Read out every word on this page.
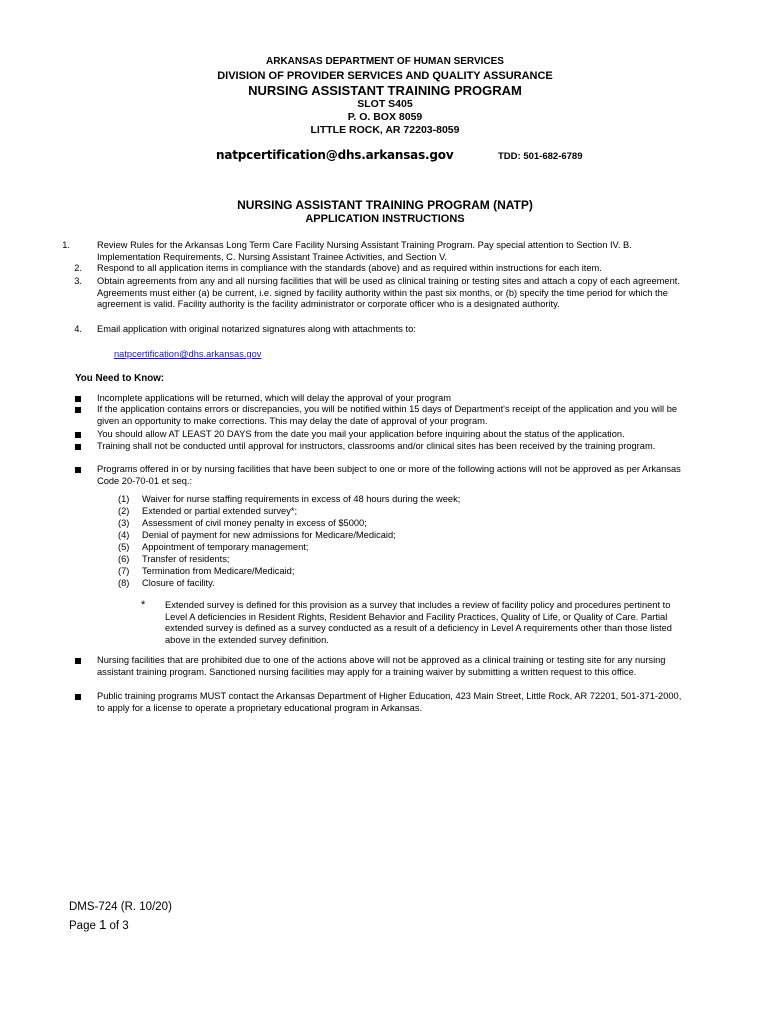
ARKANSAS DEPARTMENT OF HUMAN SERVICES
DIVISION OF PROVIDER SERVICES AND QUALITY ASSURANCE
NURSING ASSISTANT TRAINING PROGRAM
SLOT S405
P. O. BOX 8059
LITTLE ROCK, AR 72203-8059
natpcertification@dhs.arkansas.gov	TDD: 501-682-6789
NURSING ASSISTANT TRAINING PROGRAM (NATP)
APPLICATION INSTRUCTIONS
1.	Review Rules for the Arkansas Long Term Care Facility Nursing Assistant Training Program. Pay special attention to Section IV. B. Implementation Requirements, C. Nursing Assistant Trainee Activities, and Section V.
2. Respond to all application items in compliance with the standards (above) and as required within instructions for each item.
3. Obtain agreements from any and all nursing facilities that will be used as clinical training or testing sites and attach a copy of each agreement. Agreements must either (a) be current, i.e. signed by facility authority within the past six months, or (b) specify the time period for which the agreement is valid. Facility authority is the facility administrator or corporate officer who is a designated authority.
4. Email application with original notarized signatures along with attachments to:
natpcertification@dhs.arkansas.gov
You Need to Know:
Incomplete applications will be returned, which will delay the approval of your program
If the application contains errors or discrepancies, you will be notified within 15 days of Department's receipt of the application and you will be given an opportunity to make corrections. This may delay the date of approval of your program.
You should allow AT LEAST 20 DAYS from the date you mail your application before inquiring about the status of the application.
Training shall not be conducted until approval for instructors, classrooms and/or clinical sites has been received by the training program.
Programs offered in or by nursing facilities that have been subject to one or more of the following actions will not be approved as per Arkansas Code 20-70-01 et seq.:
(1) Waiver for nurse staffing requirements in excess of 48 hours during the week;
(2) Extended or partial extended survey*;
(3) Assessment of civil money penalty in excess of $5000;
(4) Denial of payment for new admissions for Medicare/Medicaid;
(5) Appointment of temporary management;
(6) Transfer of residents;
(7) Termination from Medicare/Medicaid;
(8) Closure of facility.
* Extended survey is defined for this provision as a survey that includes a review of facility policy and procedures pertinent to Level A deficiencies in Resident Rights, Resident Behavior and Facility Practices, Quality of Life, or Quality of Care. Partial extended survey is defined as a survey conducted as a result of a deficiency in Level A requirements other than those listed above in the extended survey definition.
Nursing facilities that are prohibited due to one of the actions above will not be approved as a clinical training or testing site for any nursing assistant training program. Sanctioned nursing facilities may apply for a training waiver by submitting a written request to this office.
Public training programs MUST contact the Arkansas Department of Higher Education, 423 Main Street, Little Rock, AR 72201, 501-371-2000, to apply for a license to operate a proprietary educational program in Arkansas.
DMS-724 (R. 10/20)
Page 1 of 3
